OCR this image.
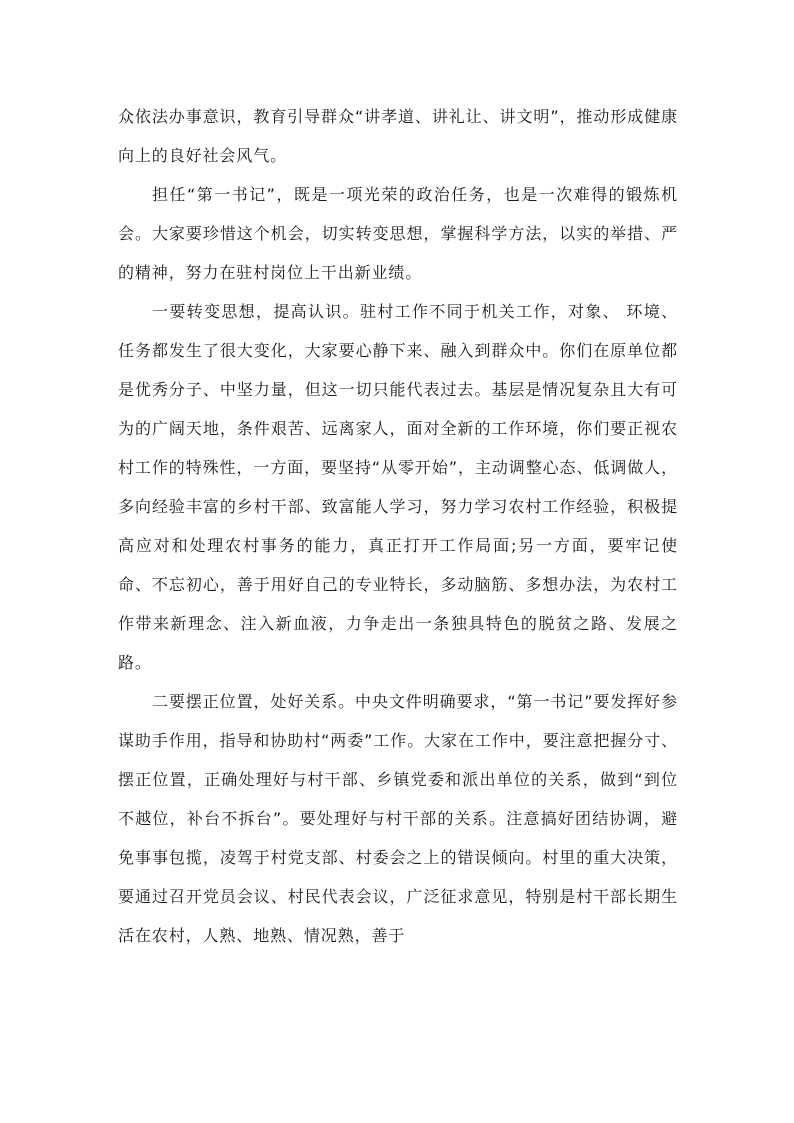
众依法办事意识，教育引导群众“讲孝道、讲礼让、讲文明”，推动形成健康向上的良好社会风气。

担任“第一书记”，既是一项光荣的政治任务，也是一次难得的锻炼机会。大家要珍惜这个机会，切实转变思想，掌握科学方法，以实的举措、严的精神，努力在驻村岗位上干出新业绩。

一要转变思想，提高认识。驻村工作不同于机关工作，对象、 环境、任务都发生了很大变化，大家要心静下来、融入到群众中。你们在原单位都是优秀分子、中坚力量，但这一切只能代表过去。基层是情况复杂且大有可为的广阔天地，条件艰苦、远离家人，面对全新的工作环境，你们要正视农村工作的特殊性，一方面，要坚持“从零开始”，主动调整心态、低调做人，多向经验丰富的乡村干部、致富能人学习，努力学习农村工作经验，积极提高应对和处理农村事务的能力，真正打开工作局面;另一方面，要牢记使命、不忘初心，善于用好自己的专业特长，多动脑筋、多想办法，为农村工作带来新理念、注入新血液，力争走出一条独具特色的脱贫之路、发展之路。

二要摆正位置，处好关系。中央文件明确要求，“第一书记”要发挥好参谋助手作用，指导和协助村“两委”工作。大家在工作中，要注意把握分寸、摆正位置，正确处理好与村干部、乡镇党委和派出单位的关系，做到“到位不越位，补台不拆台”。要处理好与村干部的关系。注意搞好团结协调，避免事事包揽，凌驾于村党支部、村委会之上的错误倾向。村里的重大决策，要通过召开党员会议、村民代表会议，广泛征求意见，特别是村干部长期生活在农村，人熟、地熟、情况熟，善于
